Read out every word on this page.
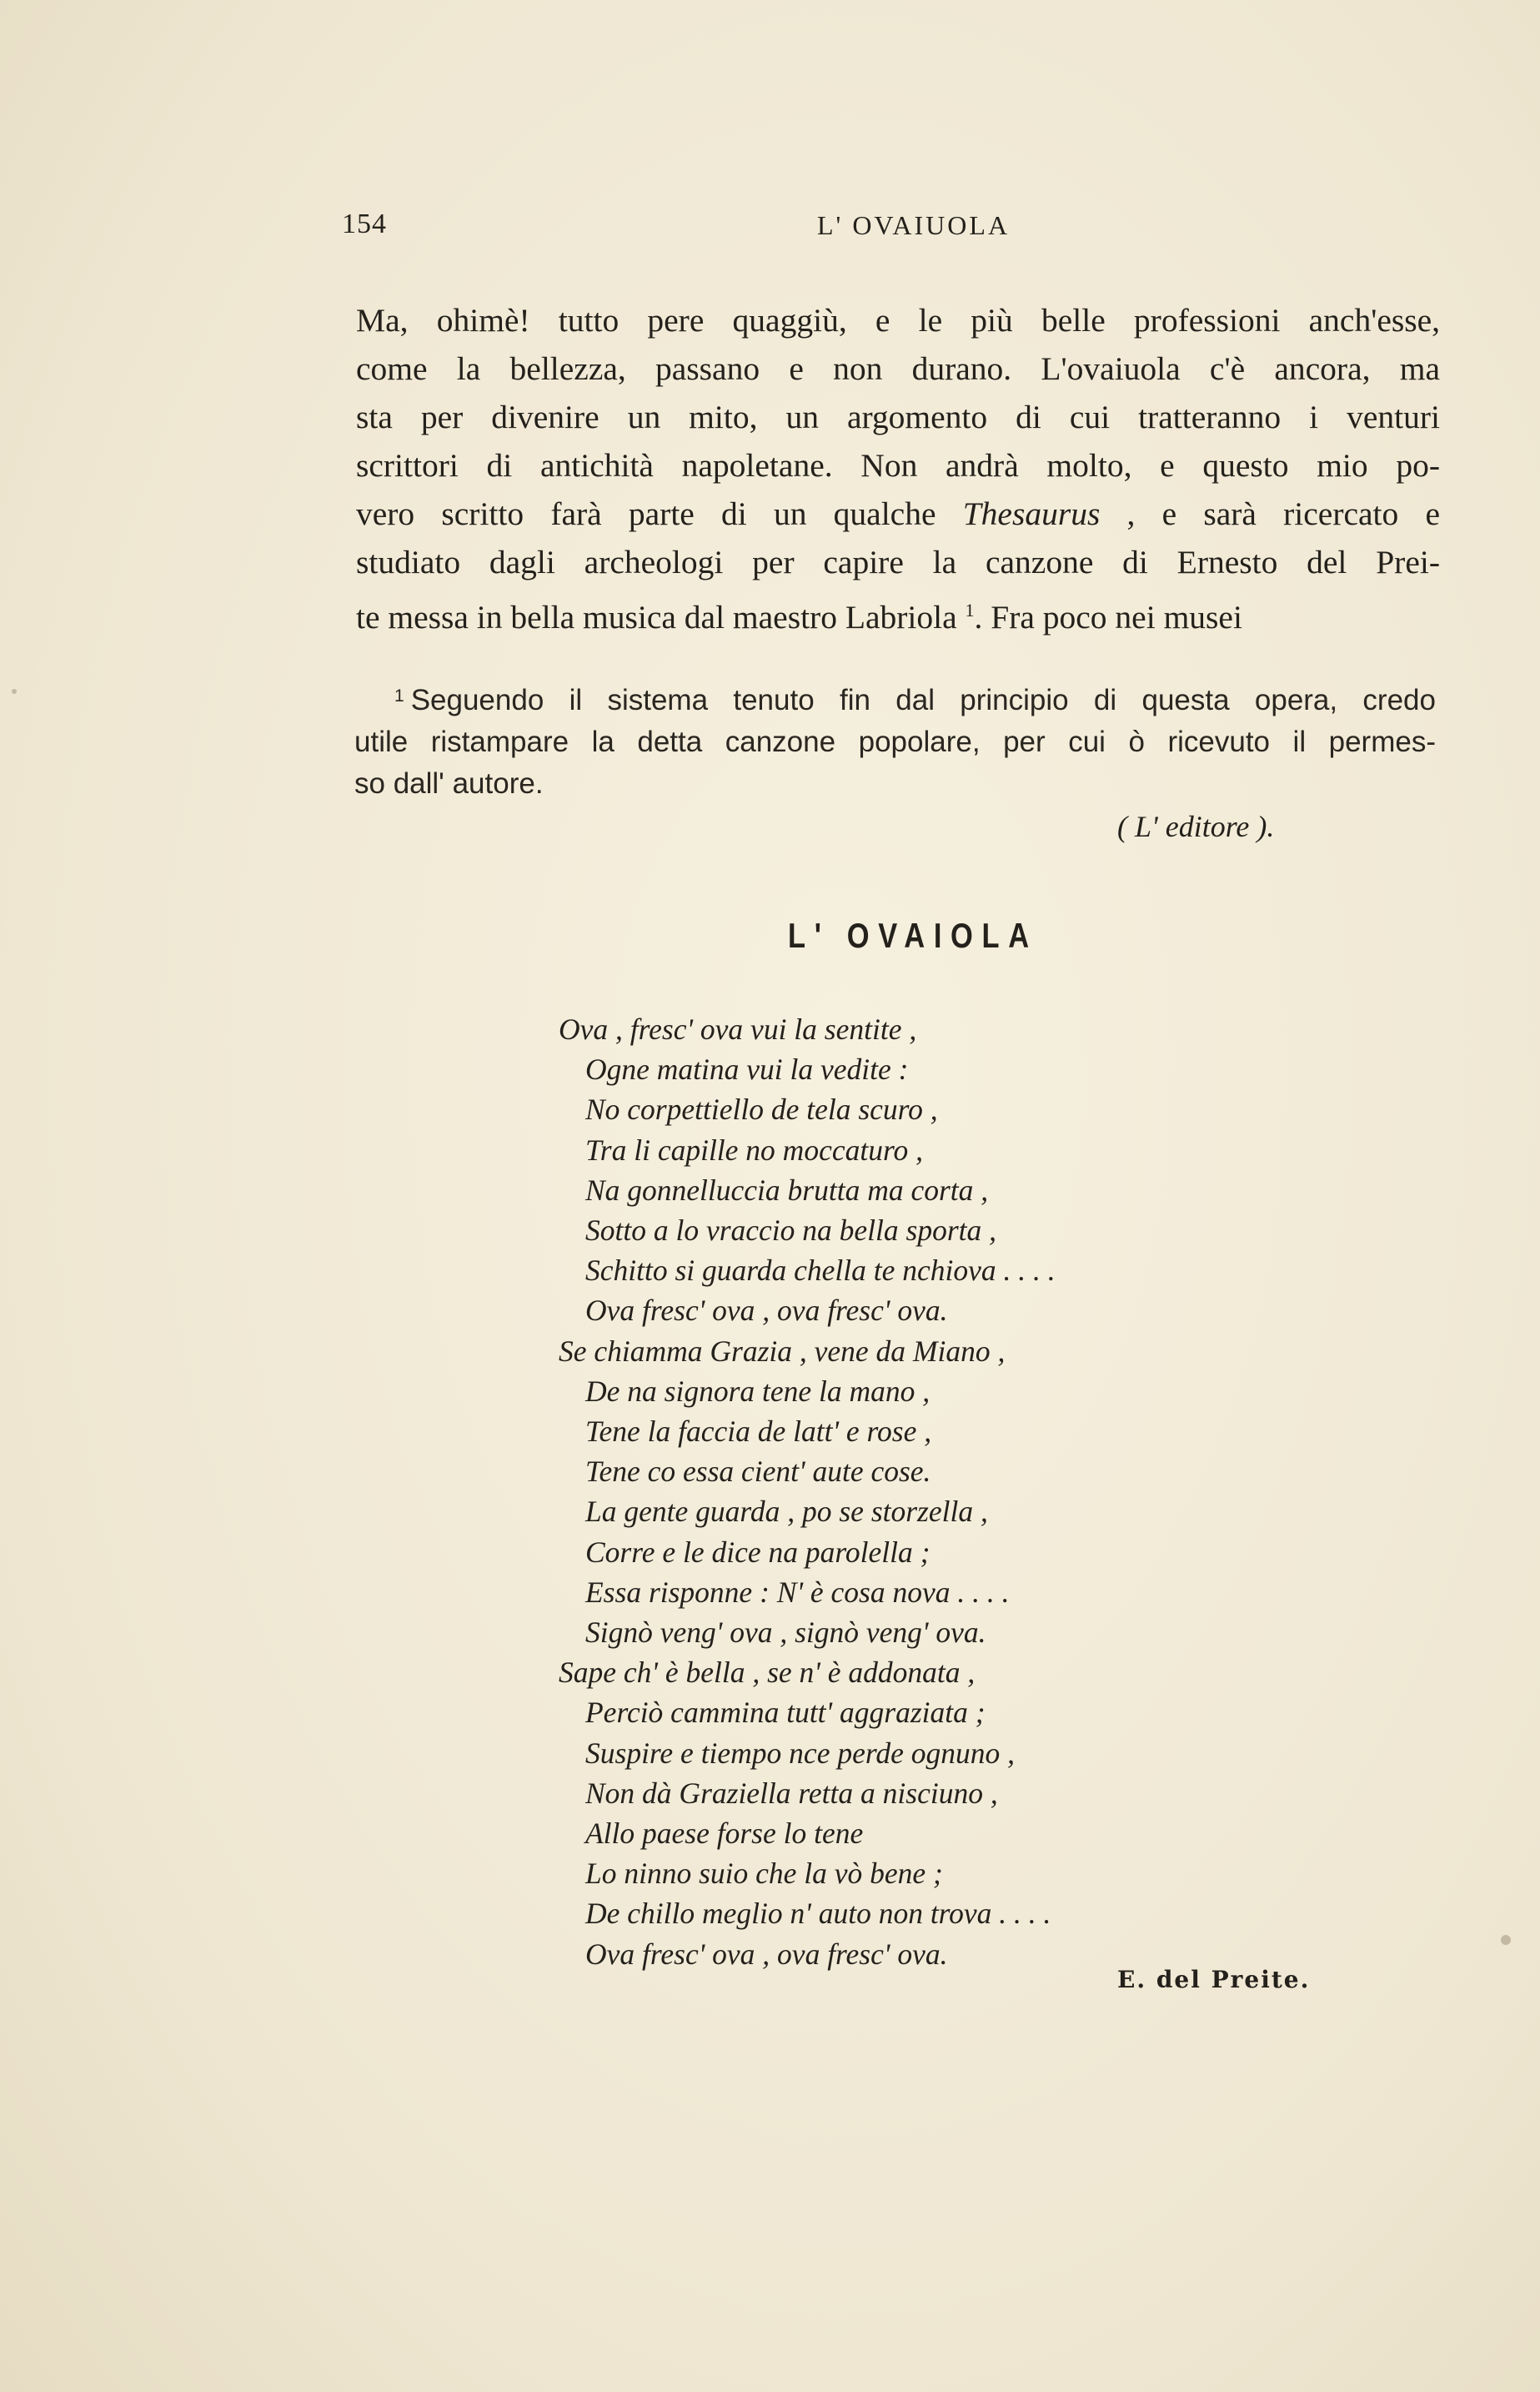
154	L' OVAIUOLA

Ma, ohimè! tutto pere quaggiù, e le più belle professioni anch'esse,

come la bellezza, passano e non durano. L'ovaiuola c'è ancora, ma

sta per divenire un mito, un argomento di cui tratteranno i venturi

scrittori di antichità napoletane. Non andrà molto, e questo mio po-

vero scritto farà parte di un qualche Thesaurus , e sarà ricercato e

studiato dagli archeologi per capire la canzone di Ernesto del Prei-

te messa in bella musica dal maestro Labriola $^1$. Fra poco nei musei

$^1$ Seguendo il sistema tenuto fin dal principio di questa opera, credo
utile ristampare la detta canzone popolare, per cui ò ricevuto il permes-
so dall' autore.
( L' editore ).
L' OVAIOLA
Ova , fresc' ova vui la sentite ,
Ogne matina vui la vedite :
No corpettiello de tela scuro ,
Tra li capille no moccaturo ,
Na gonnelluccia brutta ma corta ,
Sotto a lo vraccio na bella sporta ,
Schitto si guarda chella te nchiova . . . .
Ova fresc' ova , ova fresc' ova.
Se chiamma Grazia , vene da Miano ,
De na signora tene la mano ,
Tene la faccia de latt' e rose ,
Tene co essa cient' aute cose.
La gente guarda , po se storzella ,
Corre e le dice na parolella ;
Essa risponne : N' è cosa nova . . . .
Signò veng' ova , signò veng' ova.
Sape ch' è bella , se n' è addonata ,
Perciò cammina tutt' aggraziata ;
Suspire e tiempo nce perde ognuno ,
Non dà Graziella retta a nisciuno ,
Allo paese forse lo tene
Lo ninno suio che la vò bene ;
De chillo meglio n' auto non trova . . . .
Ova fresc' ova , ova fresc' ova.
E. del Preite.
